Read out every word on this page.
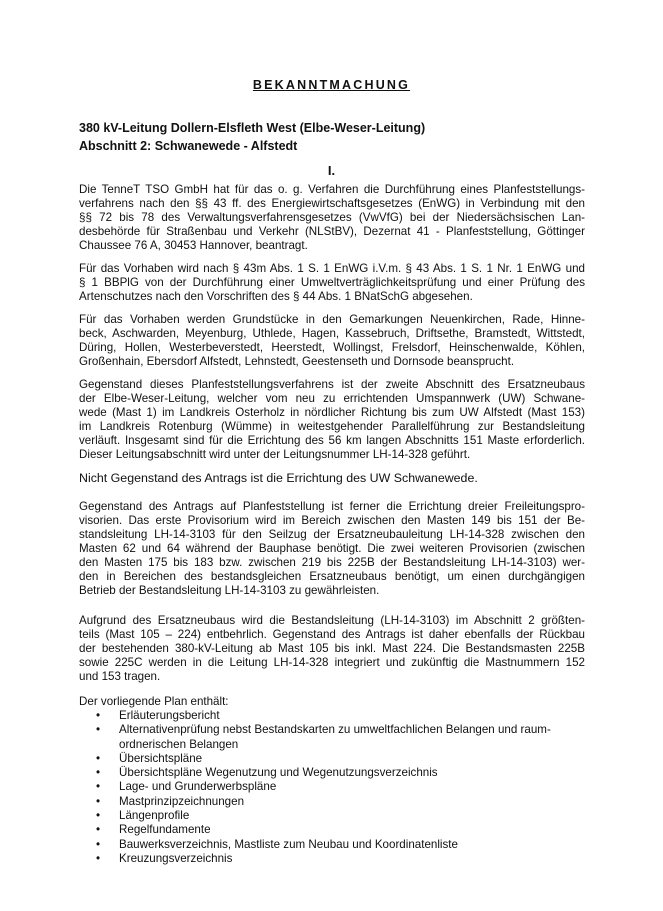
BEKANNTMACHUNG
380 kV-Leitung Dollern-Elsfleth West (Elbe-Weser-Leitung)
Abschnitt 2: Schwanewede - Alfstedt
I.
Die TenneT TSO GmbH hat für das o. g. Verfahren die Durchführung eines Planfeststellungs-
verfahrens nach den §§ 43 ff. des Energiewirtschaftsgesetzes (EnWG) in Verbindung mit den
§§ 72 bis 78 des Verwaltungsverfahrensgesetzes (VwVfG) bei der Niedersächsischen Lan-
desbehörde für Straßenbau und Verkehr (NLStBV), Dezernat 41 - Planfeststellung, Göttinger
Chaussee 76 A, 30453 Hannover, beantragt.
Für das Vorhaben wird nach § 43m Abs. 1 S. 1 EnWG i.V.m. § 43 Abs. 1 S. 1 Nr. 1 EnWG und
§ 1 BBPlG von der Durchführung einer Umweltverträglichkeitsprüfung und einer Prüfung des
Artenschutzes nach den Vorschriften des § 44 Abs. 1 BNatSchG abgesehen.
Für das Vorhaben werden Grundstücke in den Gemarkungen Neuenkirchen, Rade, Hinne-
beck, Aschwarden, Meyenburg, Uthlede, Hagen, Kassebruch, Driftsethe, Bramstedt, Wittstedt,
Düring, Hollen, Westerbeverstedt, Heerstedt, Wollingst, Frelsdorf, Heinschenwalde, Köhlen,
Großenhain, Ebersdorf Alfstedt, Lehnstedt, Geestenseth und Dornsode beansprucht.
Gegenstand dieses Planfeststellungsverfahrens ist der zweite Abschnitt des Ersatzneubaus
der Elbe-Weser-Leitung, welcher vom neu zu errichtenden Umspannwerk (UW) Schwane-
wede (Mast 1) im Landkreis Osterholz in nördlicher Richtung bis zum UW Alfstedt (Mast 153)
im Landkreis Rotenburg (Wümme) in weitestgehender Parallelführung zur Bestandsleitung
verläuft. Insgesamt sind für die Errichtung des 56 km langen Abschnitts 151 Maste erforderlich.
Dieser Leitungsabschnitt wird unter der Leitungsnummer LH-14-328 geführt.
Nicht Gegenstand des Antrags ist die Errichtung des UW Schwanewede.
Gegenstand des Antrags auf Planfeststellung ist ferner die Errichtung dreier Freileitungspro-
visorien. Das erste Provisorium wird im Bereich zwischen den Masten 149 bis 151 der Be-
standsleitung LH-14-3103 für den Seilzug der Ersatzneubauleitung LH-14-328 zwischen den
Masten 62 und 64 während der Bauphase benötigt. Die zwei weiteren Provisorien (zwischen
den Masten 175 bis 183 bzw. zwischen 219 bis 225B der Bestandsleitung LH-14-3103) wer-
den in Bereichen des bestandsgleichen Ersatzneubaus benötigt, um einen durchgängigen
Betrieb der Bestandsleitung LH-14-3103 zu gewährleisten.
Aufgrund des Ersatzneubaus wird die Bestandsleitung (LH-14-3103) im Abschnitt 2 größten-
teils (Mast 105 – 224) entbehrlich. Gegenstand des Antrags ist daher ebenfalls der Rückbau
der bestehenden 380-kV-Leitung ab Mast 105 bis inkl. Mast 224. Die Bestandsmasten 225B
sowie 225C werden in die Leitung LH-14-328 integriert und zukünftig die Mastnummern 152
und 153 tragen.
Der vorliegende Plan enthält:
• Erläuterungsbericht
• Alternativenprüfung nebst Bestandskarten zu umweltfachlichen Belangen und raum-
ordnerischen Belangen
• Übersichtspläne
• Übersichtspläne Wegenutzung und Wegenutzungsverzeichnis
• Lage- und Grunderwerbspläne
• Mastprinzipzeichnungen
• Längenprofile
• Regelfundamente
• Bauwerksverzeichnis, Mastliste zum Neubau und Koordinatenliste
• Kreuzungsverzeichnis
